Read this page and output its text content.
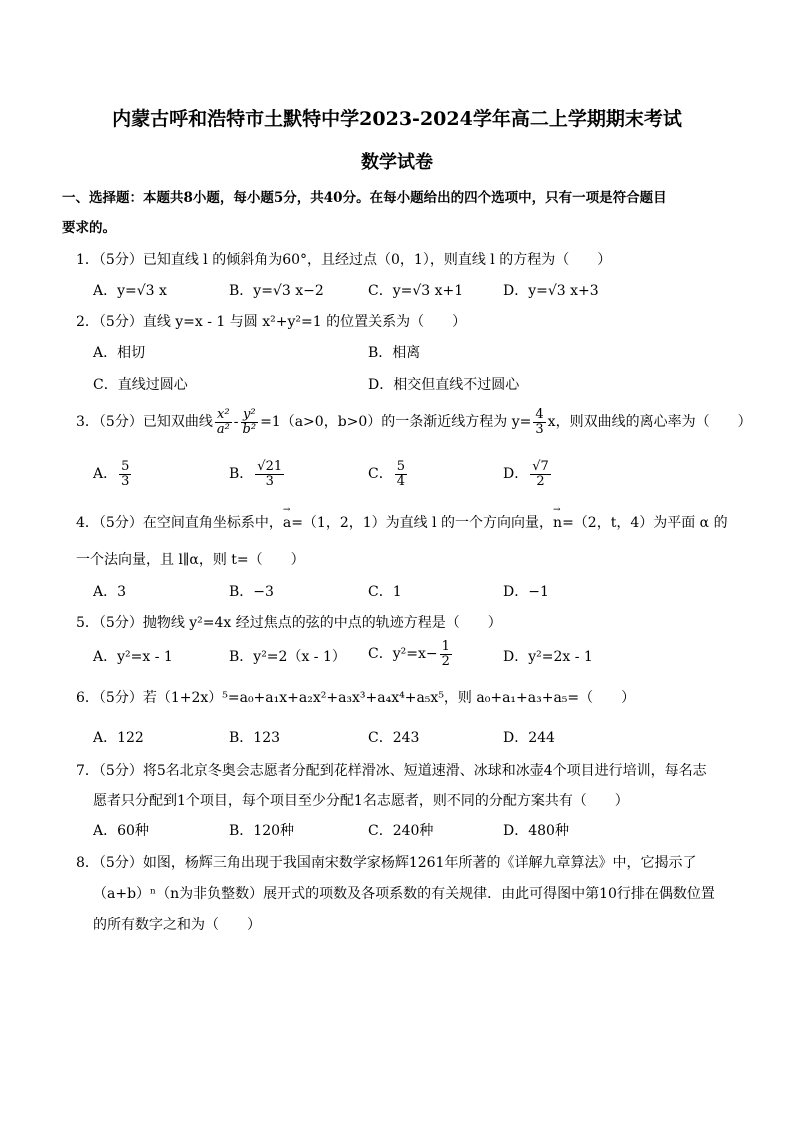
内蒙古呼和浩特市土默特中学2023-2024学年高二上学期期末考试
数学试卷
一、选择题：本题共8小题，每小题5分，共40分。在每小题给出的四个选项中，只有一项是符合题目
要求的。
1．（5分）已知直线 l 的倾斜角为60°，且经过点（0，1），则直线 l 的方程为（　　）
A．y=√3 x	B．y=√3 x−2	C．y=√3 x+1	D．y=√3 x+3
2．（5分）直线 y=x - 1 与圆 x²+y²=1 的位置关系为（　　）
A．相切	B．相离
C．直线过圆心	D．相交但直线不过圆心
3．（5分）已知双曲线 $\frac{\text{x²}}{\text{a²}} - \frac{\text{y²}}{\text{b²}} =1(a>0$，b>0）的一条渐近线方程为 $y= \frac{4}{3}$ x，则双曲线的离心率为（　　）
A． $\frac{5}{3}$	B． $\frac{√21}{3}$	C． $\frac{5}{4}$	D． $\frac{√7}{2}$
4．（5分）在空间直角坐标系中，→ a=（1，2，1）为直线 l 的一个方向向量，→ n=（2，t，4）为平面 α 的
一个法向量，且 l∥α，则 t=（　　）
A．3	B．−3	C．1	D．−1
5．（5分）抛物线 y²=4x 经过焦点的弦的中点的轨迹方程是（　　）
A．y²=x - 1	B．y²=2（x - 1） C．$y^2=x- \frac{1}{2}$	D．y²=2x - 1
6．（5分）若（1+2x）⁵=a₀+a₁x+a₂x²+a₃x³+a₄x⁴+a₅x⁵，则 a₀+a₁+a₃+a₅=（　　）
A．122	B．123	C．243	D．244
7．（5分）将5名北京冬奥会志愿者分配到花样滑冰、短道速滑、冰球和冰壶4个项目进行培训，每名志
愿者只分配到1个项目，每个项目至少分配1名志愿者，则不同的分配方案共有（　　）
A．60种	B．120种	C．240种	D．480种
8．（5分）如图，杨辉三角出现于我国南宋数学家杨辉1261年所著的《详解九章算法》中，它揭示了
（a+b）ⁿ（n为非负整数）展开式的项数及各项系数的有关规律．由此可得图中第10行排在偶数位置
的所有数字之和为（　　）
